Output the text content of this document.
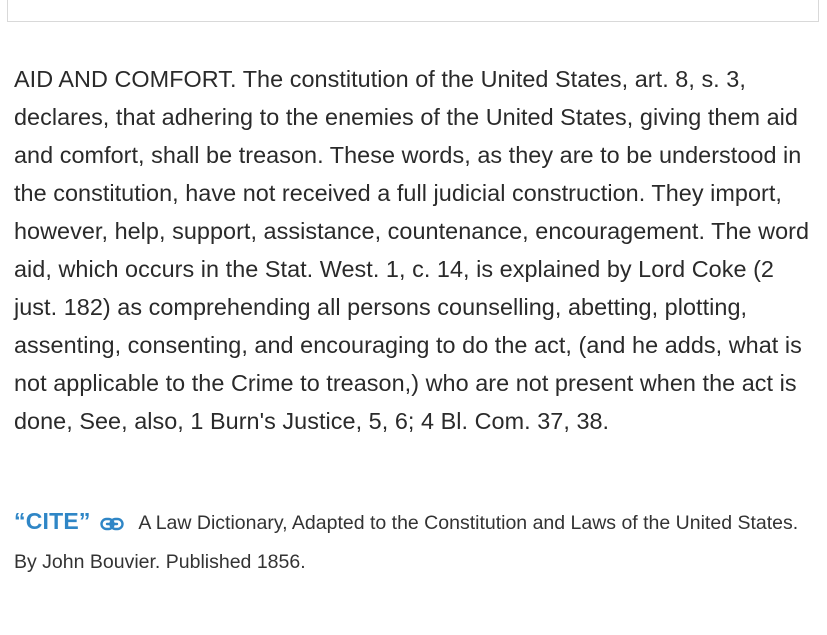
AID AND COMFORT. The constitution of the United States, art. 8, s. 3, declares, that adhering to the enemies of the United States, giving them aid and comfort, shall be treason. These words, as they are to be understood in the constitution, have not received a full judicial construction. They import, however, help, support, assistance, countenance, encouragement. The word aid, which occurs in the Stat. West. 1, c. 14, is explained by Lord Coke (2 just. 182) as comprehending all persons counselling, abetting, plotting, assenting, consenting, and encouraging to do the act, (and he adds, what is not applicable to the Crime to treason,) who are not present when the act is done, See, also, 1 Burn's Justice, 5, 6; 4 Bl. Com. 37, 38.

“CITE” A Law Dictionary, Adapted to the Constitution and Laws of the United States. By John Bouvier. Published 1856.
